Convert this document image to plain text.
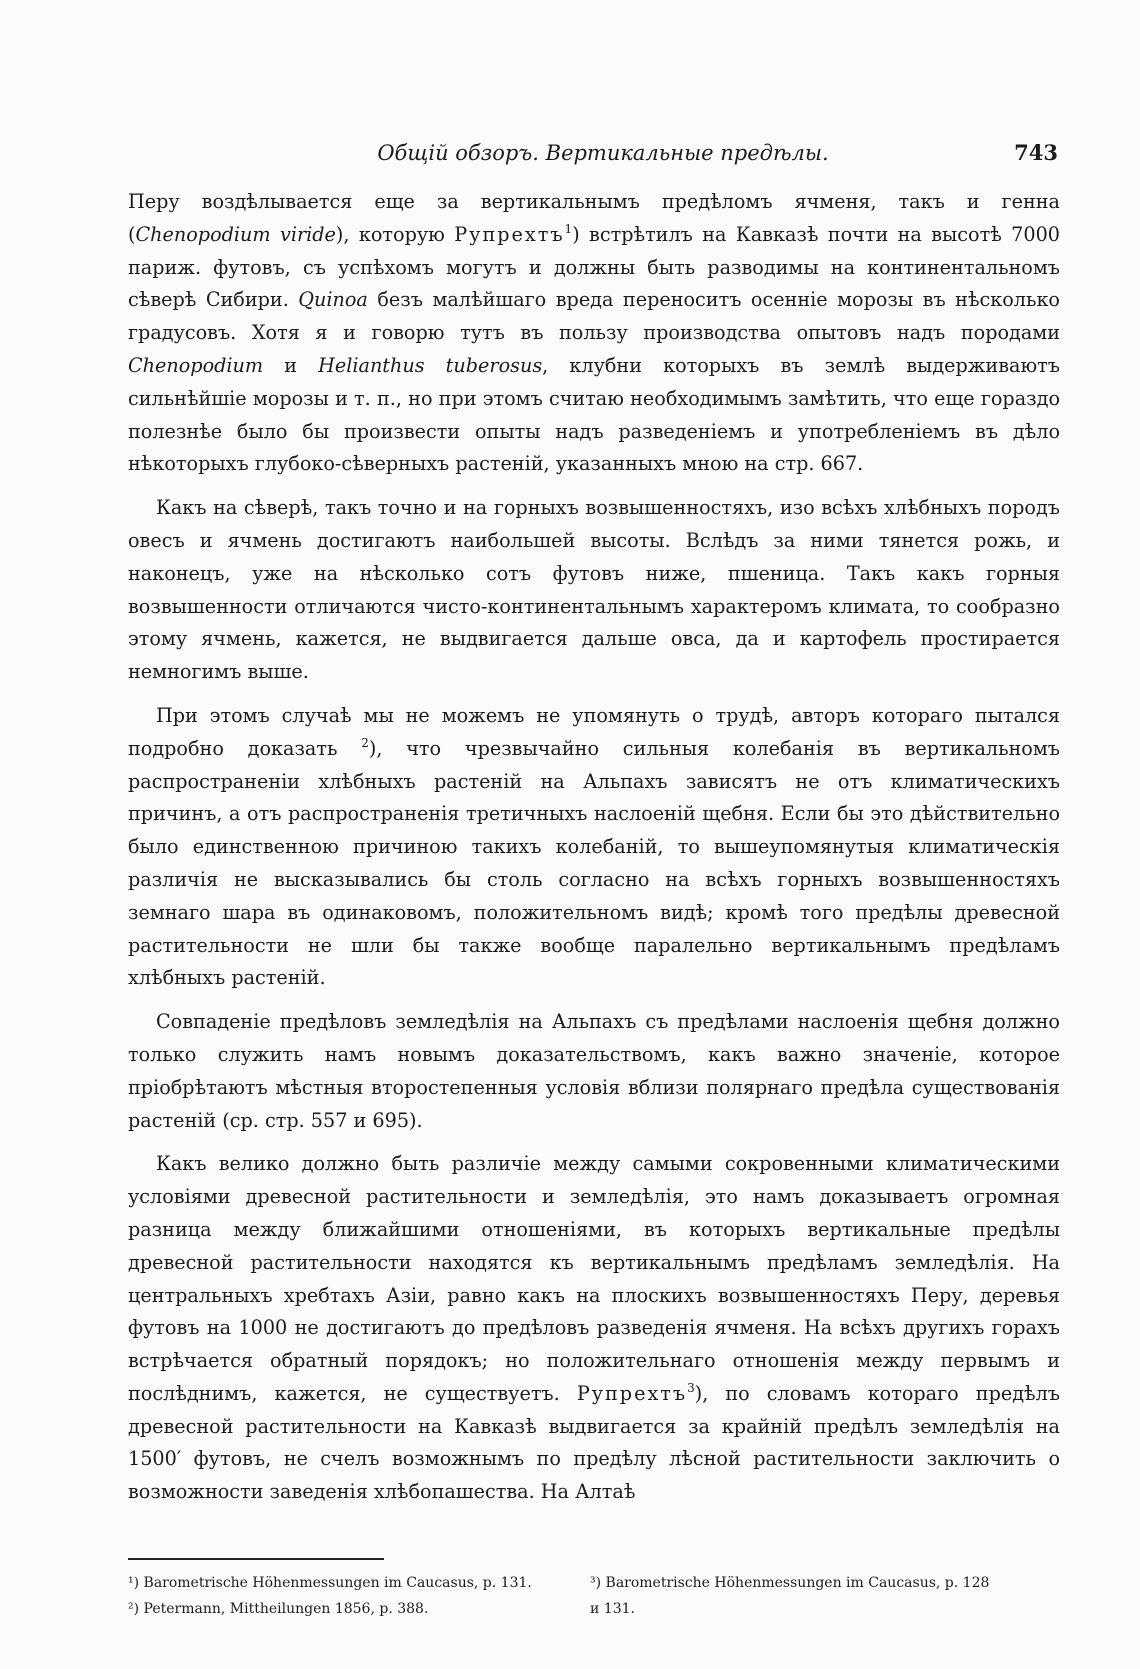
Общій обзоръ. Вертикальные предѣлы.	743

Перу воздѣлывается еще за вертикальнымъ предѣломъ ячменя, такъ и генна (Chenopodium viride), которую Рупрехтъ$^1$) встрѣтилъ на Кавказѣ почти на высотѣ 7000 париж. футовъ, съ успѣхомъ могутъ и должны быть разводимы на континентальномъ сѣверѣ Сибири. Quinoa безъ малѣйшаго вреда переноситъ осенніе морозы въ нѣсколько градусовъ. Хотя я и говорю тутъ въ пользу производства опытовъ надъ породами Chenopodium и Helianthus tuberosus, клубни которыхъ въ землѣ выдерживаютъ сильнѣйшіе морозы и т. п., но при этомъ считаю необходимымъ замѣтить, что еще гораздо полезнѣе было бы произвести опыты надъ разведеніемъ и употребленіемъ въ дѣло нѣкоторыхъ глубоко-сѣверныхъ растеній, указанныхъ мною на стр. 667.

Какъ на сѣверѣ, такъ точно и на горныхъ возвышенностяхъ, изо всѣхъ хлѣбныхъ породъ овесъ и ячмень достигаютъ наибольшей высоты. Вслѣдъ за ними тянется рожь, и наконецъ, уже на нѣсколько сотъ футовъ ниже, пшеница. Такъ какъ горныя возвышенности отличаются чисто-континентальнымъ характеромъ климата, то сообразно этому ячмень, кажется, не выдвигается дальше овса, да и картофель простирается немногимъ выше.

При этомъ случаѣ мы не можемъ не упомянуть о трудѣ, авторъ котораго пытался подробно доказать $^2$), что чрезвычайно сильныя колебанія въ вертикальномъ распространеніи хлѣбныхъ растеній на Альпахъ зависятъ не отъ климатическихъ причинъ, а отъ распространенія третичныхъ наслоеній щебня. Если бы это дѣйствительно было единственною причиною такихъ колебаній, то вышеупомянутыя климатическія различія не высказывались бы столь согласно на всѣхъ горныхъ возвышенностяхъ земнаго шара въ одинаковомъ, положительномъ видѣ; кромѣ того предѣлы древесной растительности не шли бы также вообще паралельно вертикальнымъ предѣламъ хлѣбныхъ растеній.

Совпаденіе предѣловъ земледѣлія на Альпахъ съ предѣлами наслоенія щебня должно только служить намъ новымъ доказательствомъ, какъ важно значеніе, которое пріобрѣтаютъ мѣстныя второстепенныя условія вблизи полярнаго предѣла существованія растеній (ср. стр. 557 и 695).

Какъ велико должно быть различіе между самыми сокровенными климатическими условіями древесной растительности и земледѣлія, это намъ доказываетъ огромная разница между ближайшими отношеніями, въ которыхъ вертикальные предѣлы древесной растительности находятся къ вертикальнымъ предѣламъ земледѣлія. На центральныхъ хребтахъ Азіи, равно какъ на плоскихъ возвышенностяхъ Перу, деревья футовъ на 1000 не достигаютъ до предѣловъ разведенія ячменя. На всѣхъ другихъ горахъ встрѣчается обратный порядокъ; но положительнаго отношенія между первымъ и послѣднимъ, кажется, не существуетъ. Рупрехтъ$^3$), по словамъ котораго предѣлъ древесной растительности на Кавказѣ выдвигается за крайній предѣлъ земледѣлія на 1500′ футовъ, не счелъ возможнымъ по предѣлу лѣсной растительности заключить о возможности заведенія хлѣбопашества. На Алтаѣ

¹) Barometrische Höhenmessungen im Caucasus, p. 131.
²) Petermann, Mittheilungen 1856, p. 388.
³) Barometrische Höhenmessungen im Caucasus, p. 128
и 131.
